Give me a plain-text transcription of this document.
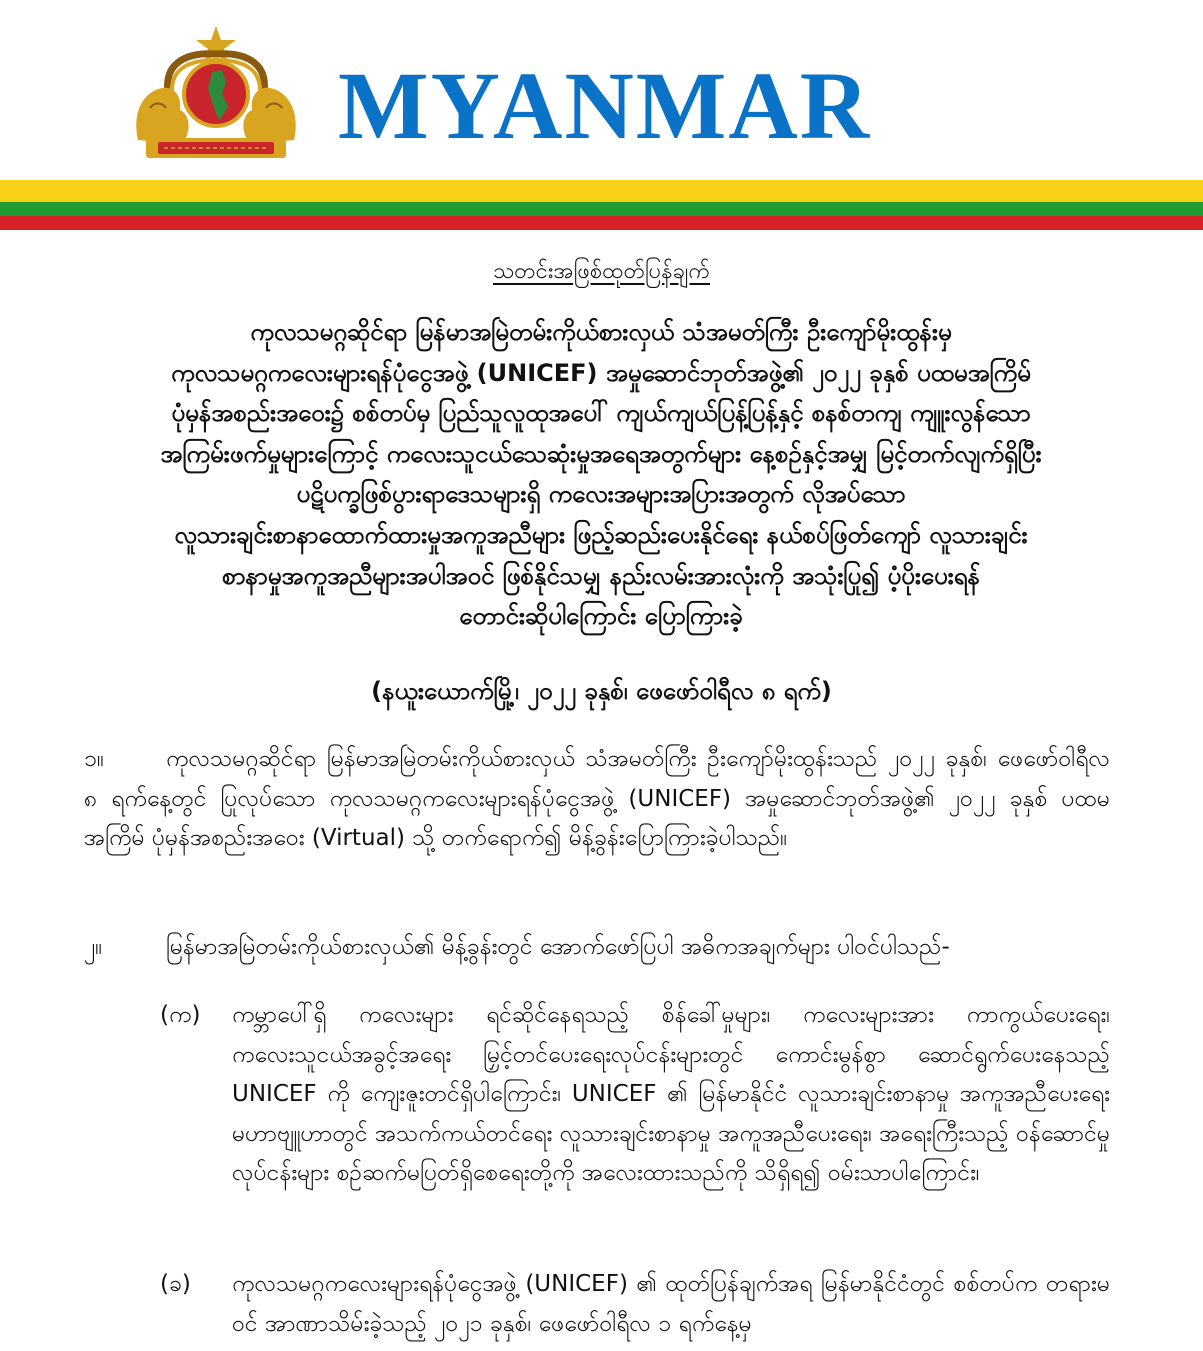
MYANMAR
သတင်းအဖြစ်ထုတ်ပြန်ချက်
ကုလသမဂ္ဂဆိုင်ရာ မြန်မာအမြဲတမ်းကိုယ်စားလှယ် သံအမတ်ကြီး ဦးကျော်မိုးထွန်းမှ
ကုလသမဂ္ဂကလေးများရန်ပုံငွေအဖွဲ့ (UNICEF) အမှုဆောင်ဘုတ်အဖွဲ့၏ ၂၀၂၂ ခုနှစ် ပထမအကြိမ်
ပုံမှန်အစည်းအဝေး၌ စစ်တပ်မှ ပြည်သူလူထုအပေါ် ကျယ်ကျယ်ပြန့်ပြန့်နှင့် စနစ်တကျ ကျူးလွန်သော
အကြမ်းဖက်မှုများကြောင့် ကလေးသူငယ်သေဆုံးမှုအရေအတွက်များ နေ့စဉ်နှင့်အမျှ မြင့်တက်လျက်ရှိပြီး
ပဋိပက္ခဖြစ်ပွားရာဒေသများရှိ ကလေးအများအပြားအတွက် လိုအပ်သော
လူသားချင်းစာနာထောက်ထားမှုအကူအညီများ ဖြည့်ဆည်းပေးနိုင်ရေး နယ်စပ်ဖြတ်ကျော် လူသားချင်း
စာနာမှုအကူအညီများအပါအဝင် ဖြစ်နိုင်သမျှ နည်းလမ်းအားလုံးကို အသုံးပြု၍ ပံ့ပိုးပေးရန်
တောင်းဆိုပါကြောင်း ပြောကြားခဲ့
(နယူးယောက်မြို့၊ ၂၀၂၂ ခုနှစ်၊ ဖေဖော်ဝါရီလ ၈ ရက်)
၁။	ကုလသမဂ္ဂဆိုင်ရာ မြန်မာအမြဲတမ်းကိုယ်စားလှယ် သံအမတ်ကြီး ဦးကျော်မိုးထွန်းသည် ၂၀၂၂ ခုနှစ်၊ ဖေဖော်ဝါရီလ ၈ ရက်နေ့တွင် ပြုလုပ်သော ကုလသမဂ္ဂကလေးများရန်ပုံငွေအဖွဲ့ (UNICEF) အမှုဆောင်ဘုတ်အဖွဲ့၏ ၂၀၂၂ ခုနှစ် ပထမအကြိမ် ပုံမှန်အစည်းအဝေး (Virtual) သို့ တက်ရောက်၍ မိန့်ခွန်းပြောကြားခဲ့ပါသည်။
၂။	မြန်မာအမြဲတမ်းကိုယ်စားလှယ်၏ မိန့်ခွန်းတွင် အောက်ဖော်ပြပါ အဓိကအချက်များ ပါဝင်ပါသည်-
(က)	ကမ္ဘာပေါ်ရှိ ကလေးများ ရင်ဆိုင်နေရသည့် စိန်ခေါ်မှုများ၊ ကလေးများအား ကာကွယ်ပေးရေး၊ ကလေးသူငယ်အခွင့်အရေး မြှင့်တင်ပေးရေးလုပ်ငန်းများတွင် ကောင်းမွန်စွာ ဆောင်ရွက်ပေးနေသည့် UNICEF ကို ကျေးဇူးတင်ရှိပါကြောင်း၊ UNICEF ၏ မြန်မာနိုင်ငံ လူသားချင်းစာနာမှု အကူအညီပေးရေး မဟာဗျူဟာတွင် အသက်ကယ်တင်ရေး လူသားချင်းစာနာမှု အကူအညီပေးရေး၊ အရေးကြီးသည့် ဝန်ဆောင်မှုလုပ်ငန်းများ စဉ်ဆက်မပြတ်ရှိစေရေးတို့ကို အလေးထားသည်ကို သိရှိရ၍ ဝမ်းသာပါကြောင်း၊
(ခ)	ကုလသမဂ္ဂကလေးများရန်ပုံငွေအဖွဲ့ (UNICEF) ၏ ထုတ်ပြန်ချက်အရ မြန်မာနိုင်ငံတွင် စစ်တပ်က တရားမဝင် အာဏာသိမ်းခဲ့သည့် ၂၀၂၁ ခုနှစ်၊ ဖေဖော်ဝါရီလ ၁ ရက်နေ့မှ
